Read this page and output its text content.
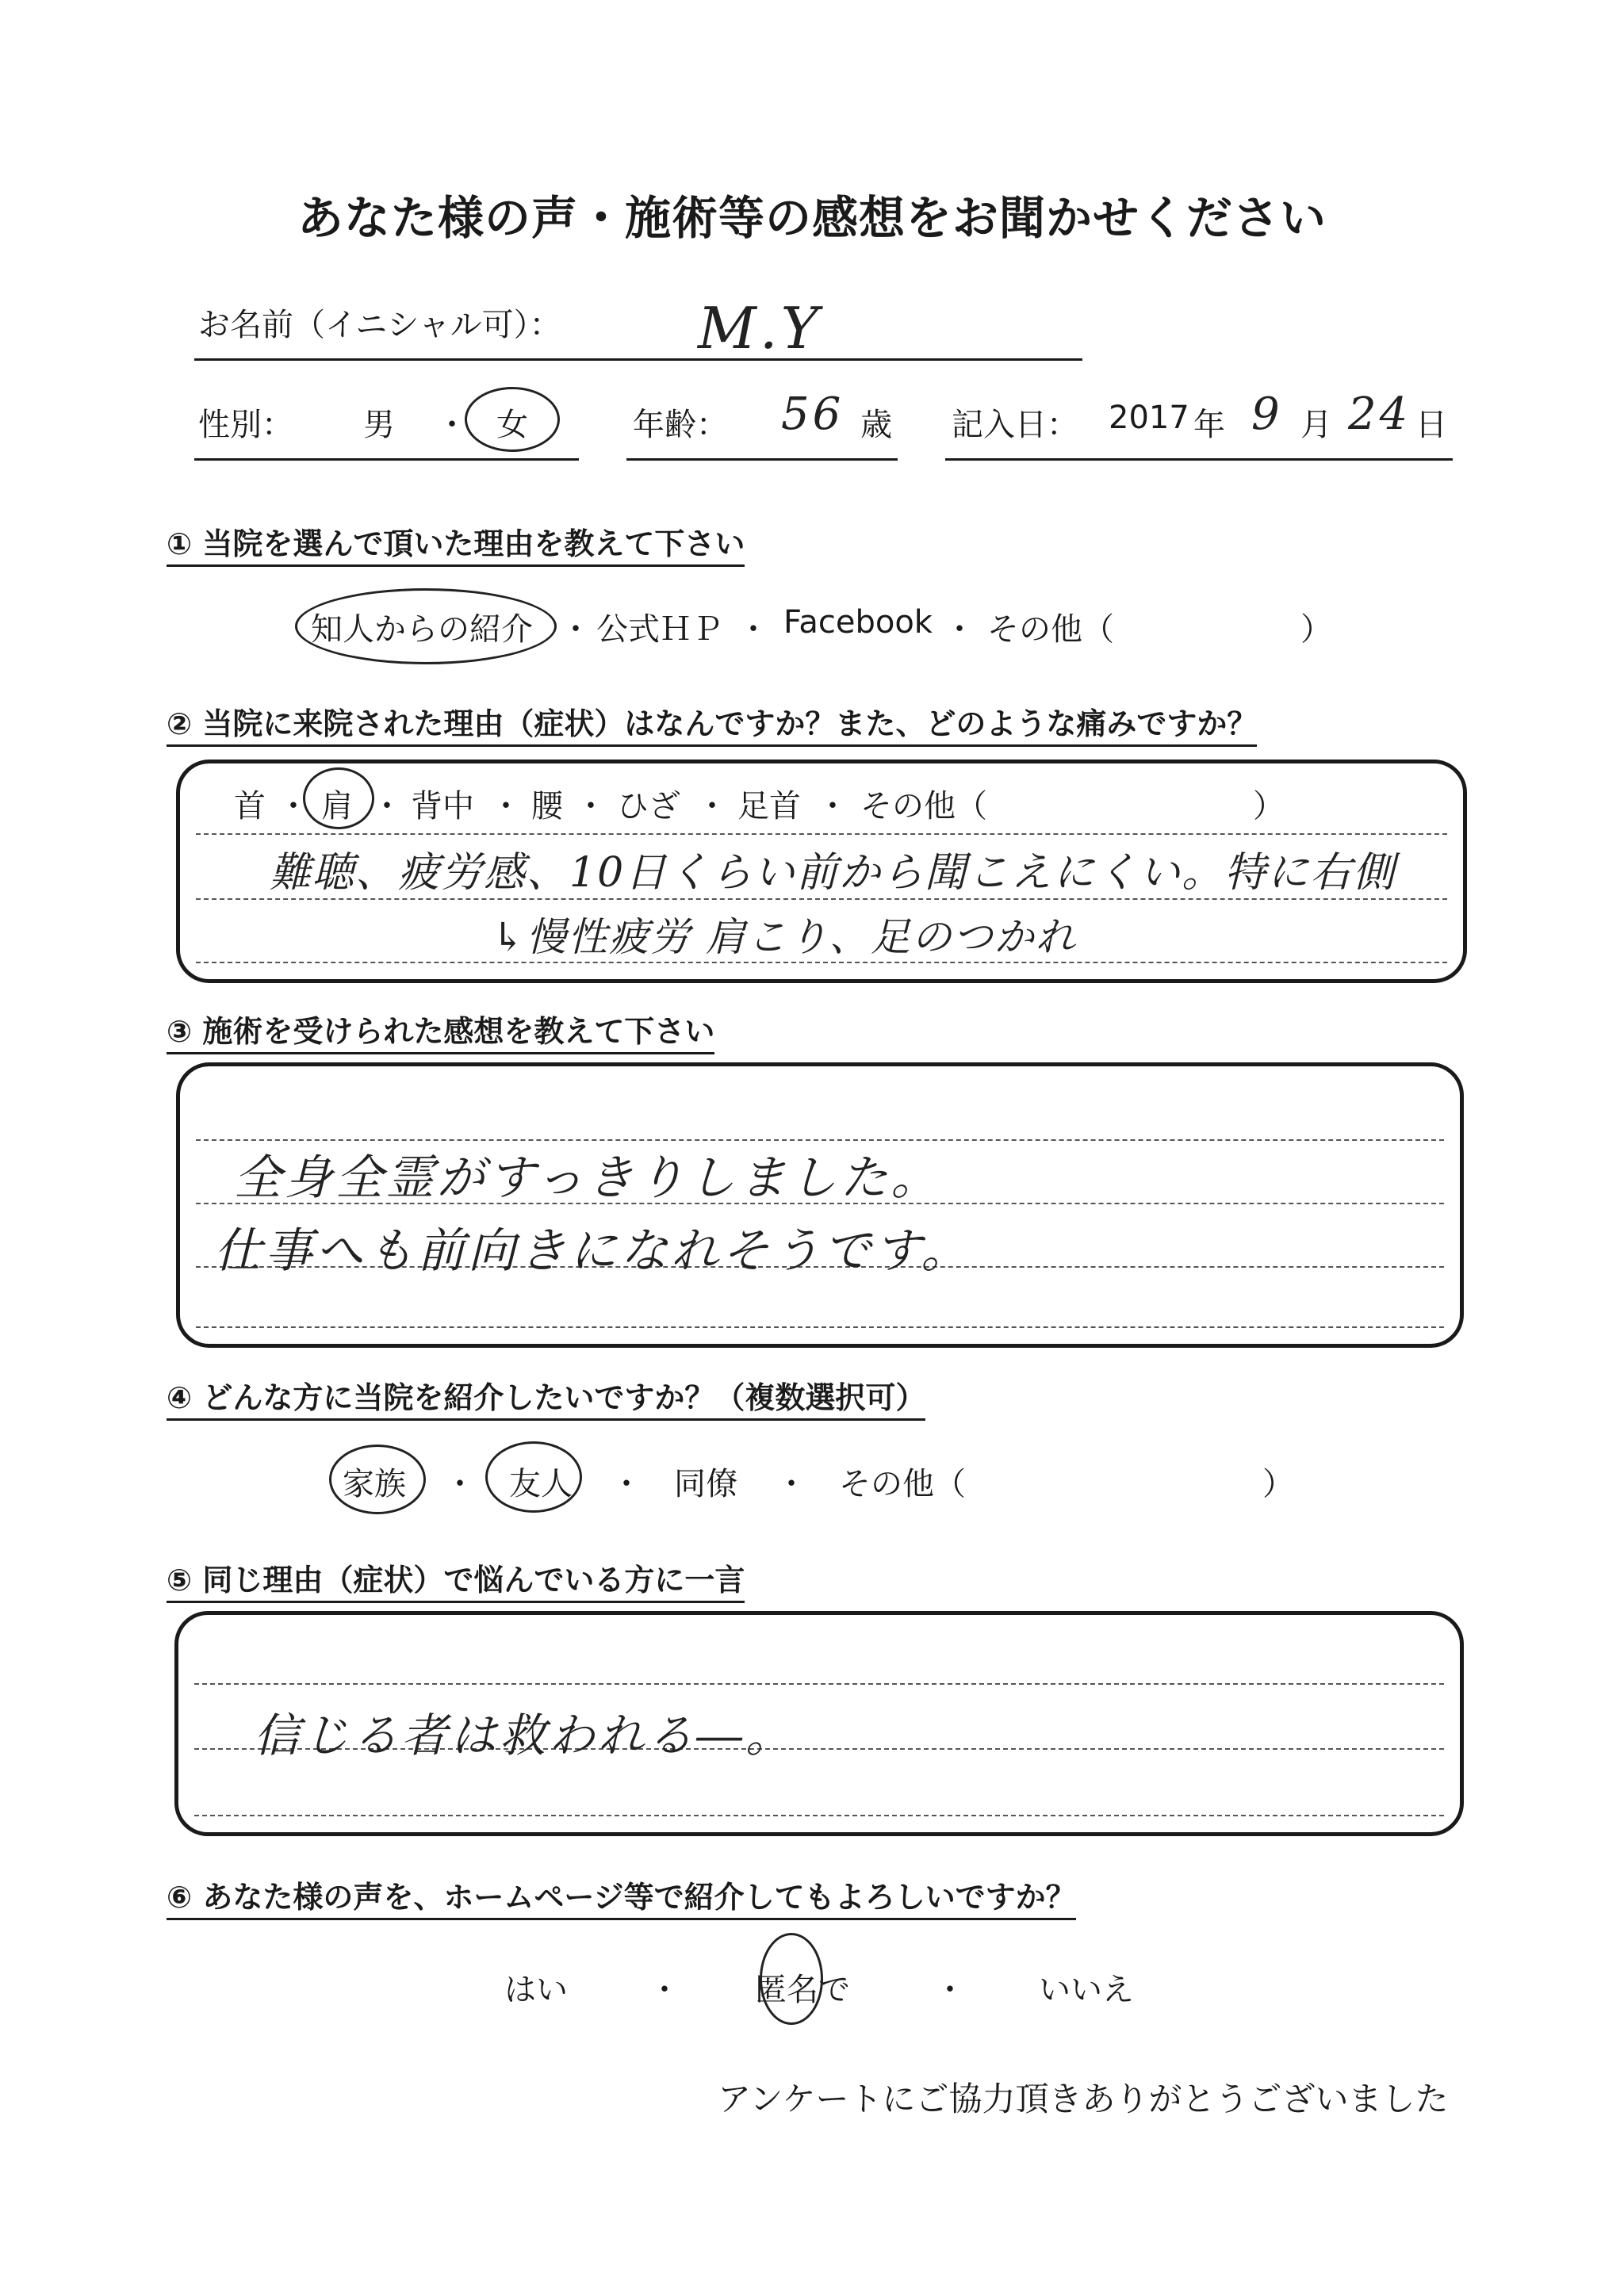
あなた様の声・施術等の感想をお聞かせください
お名前（イニシャル可）： M.Y
性別： 男 ・ 女	年齢： 56 歳 記入日： 2017 年 9 月 24 日
① 当院を選んで頂いた理由を教えて下さい
知人からの紹介 ・ 公式ＨＰ ・ Facebook ・ その他（	）
② 当院に来院された理由（症状）はなんですか？また、どのような痛みですか？
首 ・ 肩 ・ 背中 ・ 腰 ・ ひざ ・ 足首 ・ その他（	）
難聴、疲労感、10日くらい前から聞こえにくい。特に右側
↳慢性疲労 肩こり、足のつかれ
③ 施術を受けられた感想を教えて下さい
全身全霊がすっきりしました。
仕事へも前向きになれそうです。
④ どんな方に当院を紹介したいですか？（複数選択可）
家族 ・ 友人 ・ 同僚 ・ その他（	）
⑤ 同じ理由（症状）で悩んでいる方に一言
信じる者は救われる―。
⑥ あなた様の声を、ホームページ等で紹介してもよろしいですか？
はい	・ 匿名で	・ いいえ
アンケートにご協力頂きありがとうございました
